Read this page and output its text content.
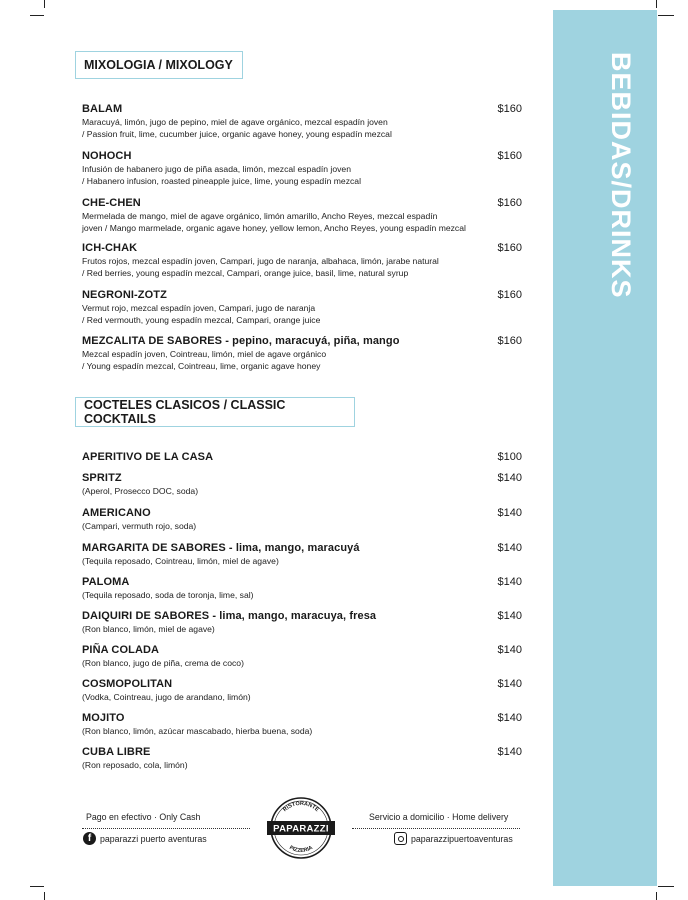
BEBIDAS/DRINKS
MIXOLOGIA / MIXOLOGY
COCTELES CLASICOS / CLASSIC COCKTAILS
BALAM	$160
Maracuyá, limón, jugo de pepino, miel de agave orgánico, mezcal espadín joven
/ Passion fruit, lime, cucumber juice, organic agave honey, young espadín mezcal
NOHOCH	$160
Infusión de habanero jugo de piña asada, limón, mezcal espadín joven
/ Habanero infusion, roasted pineapple juice, lime, young espadín mezcal
CHE-CHEN	$160
Mermelada de mango, miel de agave orgánico, limón amarillo, Ancho Reyes, mezcal espadín
joven / Mango marmelade, organic agave honey, yellow lemon, Ancho Reyes, young espadín mezcal
ICH-CHAK	$160
Frutos rojos, mezcal espadín joven, Campari, jugo de naranja, albahaca, limón, jarabe natural
/ Red berries, young espadín mezcal, Campari, orange juice, basil, lime, natural syrup
NEGRONI-ZOTZ	$160
Vermut rojo, mezcal espadín joven, Campari, jugo de naranja
/ Red vermouth, young espadín mezcal, Campari, orange juice
MEZCALITA DE SABORES - pepino, maracuyá, piña, mango	$160
Mezcal espadín joven, Cointreau, limón, miel de agave orgánico
/ Young espadín mezcal, Cointreau, lime, organic agave honey
APERITIVO DE LA CASA	$100
SPRITZ	$140
(Aperol, Prosecco DOC, soda)
AMERICANO	$140
(Campari, vermuth rojo, soda)
MARGARITA DE SABORES - lima, mango, maracuyá	$140
(Tequila reposado, Cointreau, limón, miel de agave)
PALOMA	$140
(Tequila reposado, soda de toronja, lime, sal)
DAIQUIRI DE SABORES - lima, mango, maracuya, fresa	$140
(Ron blanco, limón, miel de agave)
PIÑA COLADA	$140
(Ron blanco, jugo de piña, crema de coco)
COSMOPOLITAN	$140
(Vodka, Cointreau, jugo de arandano, limón)
MOJITO	$140
(Ron blanco, limón, azúcar mascabado, hierba buena, soda)
CUBA LIBRE	$140
(Ron reposado, cola, limón)
Pago en efectivo · Only Cash
f	paparazzi puerto aventuras
Servicio a domicilio · Home delivery
paparazzipuertoaventuras
RISTORANTE
PIZZERIA
PAPARAZZI
